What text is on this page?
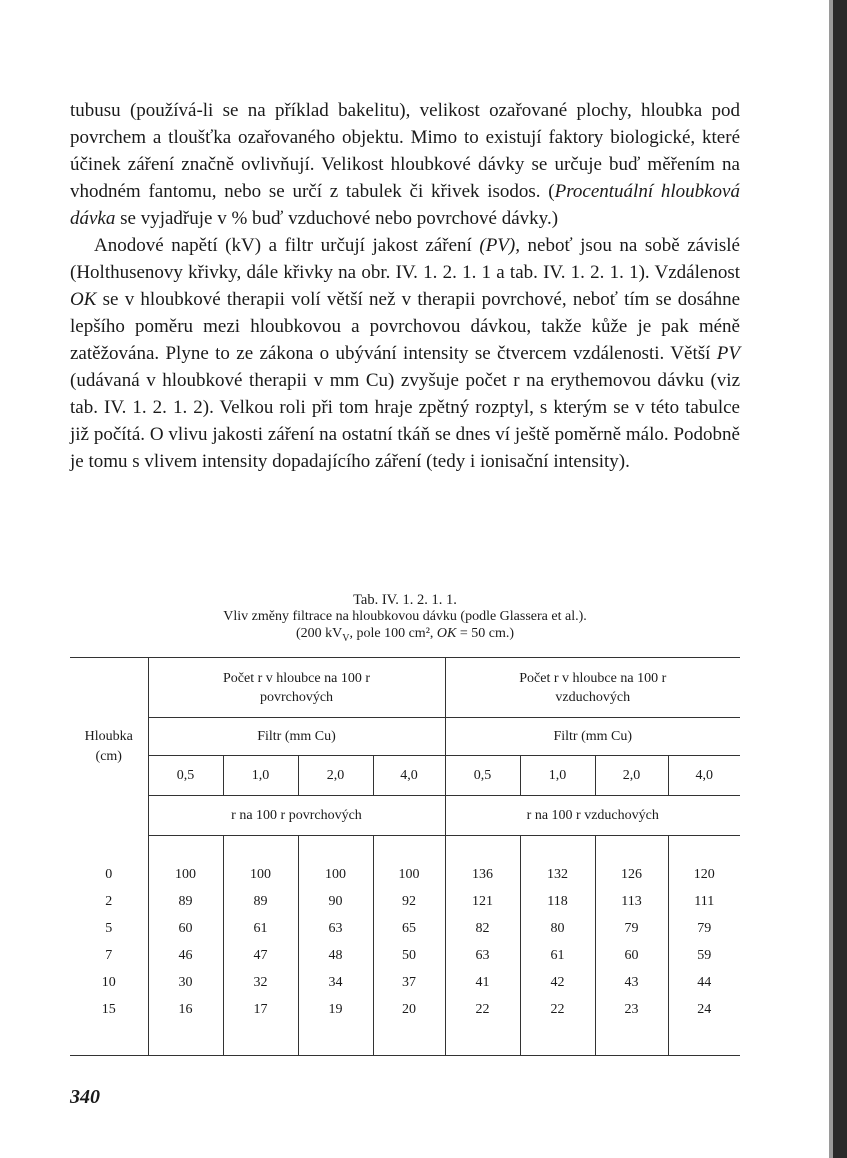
tubusu (používá-li se na příklad bakelitu), velikost ozařované plochy, hloubka pod povrchem a tloušťka ozařovaného objektu. Mimo to existují faktory biologické, které účinek záření značně ovlivňují. Velikost hloubkové dávky se určuje buď měřením na vhodném fantomu, nebo se určí z tabulek či křivek isodos. (Procentuální hloubková dávka se vyjadřuje v % buď vzduchové nebo povrchové dávky.)

Anodové napětí (kV) a filtr určují jakost záření (PV), neboť jsou na sobě závislé (Holthusenovy křivky, dále křivky na obr. IV. 1. 2. 1. 1 a tab. IV. 1. 2. 1. 1). Vzdálenost OK se v hloubkové therapii volí větší než v therapii povrchové, neboť tím se dosáhne lepšího poměru mezi hloubkovou a povrchovou dávkou, takže kůže je pak méně zatěžována. Plyne to ze zákona o ubývání intensity se čtvercem vzdálenosti. Větší PV (udávaná v hloubkové therapii v mm Cu) zvyšuje počet r na erythemovou dávku (viz tab. IV. 1. 2. 1. 2). Velkou roli při tom hraje zpětný rozptyl, s kterým se v této tabulce již počítá. O vlivu jakosti záření na ostatní tkáň se dnes ví ještě poměrně málo. Podobně je tomu s vlivem intensity dopadajícího záření (tedy i ionisační intensity).

Tab. IV. 1. 2. 1. 1.
Vliv změny filtrace na hloubkovou dávku (podle Glassera et al.).
(200 $kV_V$, pole 100 cm², OK = 50 cm.)
Hloubka
(cm)	Počet r v hloubce na 100 r povrchových				Počet r v hloubce na 100 r vzduchových			
	Filtr (mm Cu)				Filtr (mm Cu)			
	0,5	1,0	2,0	4,0	0,5	1,0	2,0	4,0
	r na 100 r povrchových				r na 100 r vzduchových			

0	100	100	100	100	136	132	126	120
2	89	89	90	92	121	118	113	111
5	60	61	63	65	82	80	79	79
7	46	47	48	50	63	61	60	59
10	30	32	34	37	41	42	43	44
15	16	17	19	20	22	22	23	24

340
